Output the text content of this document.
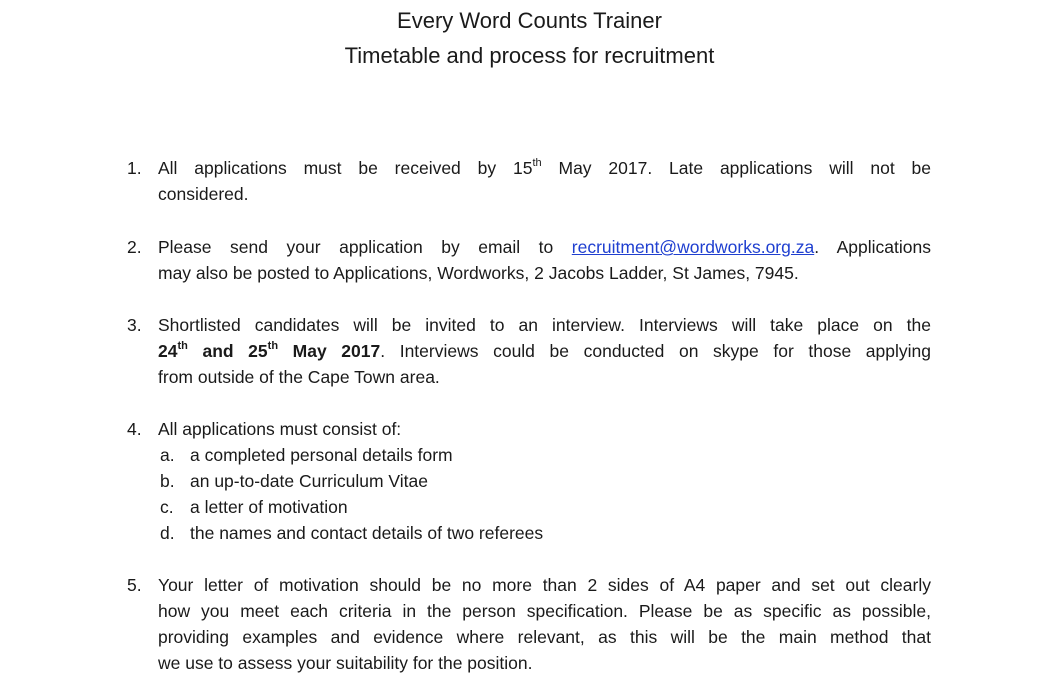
Every Word Counts Trainer
Timetable and process for recruitment
1. All applications must be received by 15th May 2017. Late applications will not be
considered.
2. Please send your application by email to recruitment@wordworks.org.za. Applications
may also be posted to Applications, Wordworks, 2 Jacobs Ladder, St James, 7945.
3. Shortlisted candidates will be invited to an interview. Interviews will take place on the
24th and 25th May 2017. Interviews could be conducted on skype for those applying
from outside of the Cape Town area.
4. All applications must consist of:
a. a completed personal details form
b. an up-to-date Curriculum Vitae
c. a letter of motivation
d. the names and contact details of two referees
5. Your letter of motivation should be no more than 2 sides of A4 paper and set out clearly
how you meet each criteria in the person specification. Please be as specific as possible,
providing examples and evidence where relevant, as this will be the main method that
we use to assess your suitability for the position.
